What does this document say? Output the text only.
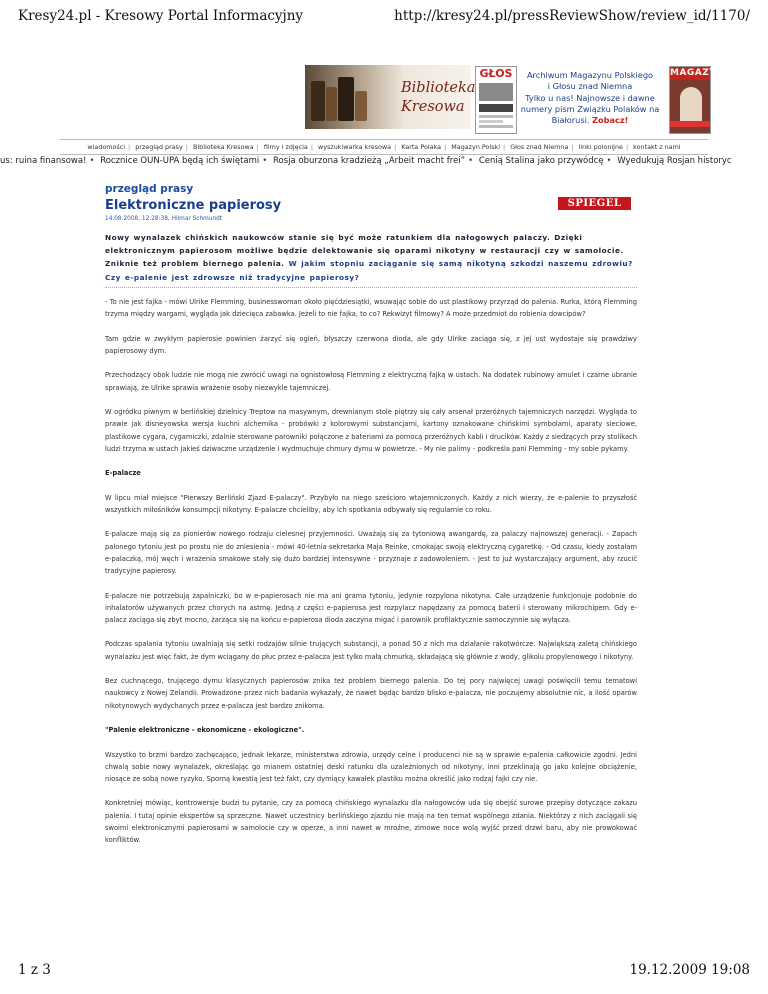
Kresy24.pl - Kresowy Portal Informacyjny	http://kresy24.pl/pressReviewShow/review_id/1170/
Biblioteka
Kresowa
GŁOS	Archiwum Magazynu Polskiego
i Głosu znad Niemna
Tylko u nas! Najnowsze i dawne
numery pism Związku Polaków na
Białorusi. Zobacz!
MAGAZYN
wiadomości | przegląd prasy | Biblioteka Kresowa | filmy i zdjęcia | wyszukiwarka kresowa | Karta Polaka | Magazyn Polski | Głos znad Niemna | linki polonijne | kontakt z nami
us: ruina finansowa! • Rocznice OUN-UPA będą ich świętami • Rosja oburzona kradzieżą „Arbeit macht frei” • Cenią Stalina jako przywódcę • Wyedukują Rosjan historyc
przegląd prasy
Elektroniczne papierosy
14.08.2008, 12:28:38, Hilmar Schmundt
SPIEGEL
Nowy wynalazek chińskich naukowców stanie się być może ratunkiem dla nałogowych palaczy. Dzięki elektronicznym papierosom możliwe będzie delektowanie się oparami nikotyny w restauracji czy w samolocie. Zniknie też problem biernego palenia. W jakim stopniu zaciąganie się samą nikotyną szkodzi naszemu zdrowiu? Czy e-palenie jest zdrowsze niż tradycyjne papierosy?

- To nie jest fajka - mówi Ulrike Flemming, businesswoman około pięćdziesiątki, wsuwając sobie do ust plastikowy przyrząd do palenia. Rurka, którą Flemming trzyma między wargami, wygląda jak dziecięca zabawka. Jeżeli to nie fajka, to co? Rekwizyt filmowy? A może przedmiot do robienia dowcipów?

Tam gdzie w zwykłym papierosie powinien żarzyć się ogień, błyszczy czerwona dioda, ale gdy Ulrike zaciąga się, z jej ust wydostaje się prawdziwy papierosowy dym.

Przechodzący obok ludzie nie mogą nie zwrócić uwagi na ognistowłosą Flemming z elektryczną fajką w ustach. Na dodatek rubinowy amulet i czarne ubranie sprawiają, że Ulrike sprawia wrażenie osoby niezwykle tajemniczej.

W ogródku piwnym w berlińskiej dzielnicy Treptow na masywnym, drewnianym stole piętrzy się cały arsenał przeróżnych tajemniczych narzędzi. Wygląda to prawie jak disneyowska wersja kuchni alchemika - probówki z kolorowymi substancjami, kartony oznakowane chińskimi symbolami, aparaty sieciowe, plastikowe cygara, cygamiczki, zdalnie sterowane parowniki połączone z bateriami za pomocą przeróżnych kabli i drucików. Każdy z siedzących przy stolikach ludzi trzyma w ustach jakieś dziwaczne urządzenie i wydmuchuje chmury dymu w powietrze. - My nie palimy - podkreśla pani Flemming - my sobie pykamy.

E-palacze

W lipcu miał miejsce "Pierwszy Berliński Zjazd E-palaczy". Przybyło na niego sześcioro wtajemniczonych. Każdy z nich wierzy, że e-palenie to przyszłość wszystkich miłośników konsumpcji nikotyny. E-palacze chcieliby, aby ich spotkania odbywały się regularnie co roku.

E-palacze mają się za pionierów nowego rodzaju cielesnej przyjemności. Uważają się za tytoniową awangardę, za palaczy najnowszej generacji. - Zapach palonego tytoniu jest po prostu nie do zniesienia - mówi 40-letnia sekretarka Maja Reinke, cmokając swoją elektryczną cygaretkę. - Od czasu, kiedy zostałam e-palaczką, mój węch i wrażenia smakowe stały się dużo bardziej intensywne - przyznaje z zadowoleniem. - Jest to już wystarczający argument, aby rzucić tradycyjne papierosy.

E-palacze nie potrzebują zapalniczki, bo w e-papierosach nie ma ani grama tytoniu, jedynie rozpylona nikotyna. Całe urządzenie funkcjonuje podobnie do inhalatorów używanych przez chorych na astmę. Jedną z części e-papierosa jest rozpylacz napędzany za pomocą baterii i sterowany mikrochipem. Gdy e-palacz zaciąga się zbyt mocno, żarząca się na końcu e-papierosa dioda zaczyna migać i parownik profilaktycznie samoczynnie się wyłącza.

Podczas spalania tytoniu uwalniają się setki rodzajów silnie trujących substancji, a ponad 50 z nich ma działanie rakotwórcze. Największą zaletą chińskiego wynalazku jest więc fakt, że dym wciągany do płuc przez e-palacza jest tylko małą chmurką, składającą się głównie z wody, glikolu propylenowego i nikotyny.

Bez cuchnącego, trującego dymu klasycznych papierosów znika też problem biernego palenia. Do tej pory najwięcej uwagi poświęcili temu tematowi naukowcy z Nowej Zelandii. Prowadzone przez nich badania wykazały, że nawet będąc bardzo blisko e-palacza, nie poczujemy absolutnie nic, a ilość oparów nikotynowych wydychanych przez e-palacza jest bardzo znikoma.

"Palenie elektroniczne - ekonomiczne - ekologiczne".

Wszystko to brzmi bardzo zachęcająco, jednak lekarze, ministerstwa zdrowia, urzędy celne i producenci nie są w sprawie e-palenia całkowicie zgodni. Jedni chwalą sobie nowy wynalazek, określając go mianem ostatniej deski ratunku dla uzależnionych od nikotyny, inni przeklinają go jako kolejne obciążenie, niosące ze sobą nowe ryzyko. Sporną kwestią jest też fakt, czy dymiący kawałek plastiku można określić jako rodzaj fajki czy nie.

Konkretniej mówiąc, kontrowersje budzi tu pytanie, czy za pomocą chińskiego wynalazku dla nałogowców uda się obejść surowe przepisy dotyczące zakazu palenia. I tutaj opinie ekspertów są sprzeczne. Nawet uczestnicy berlińskiego zjazdu nie mają na ten temat wspólnego zdania. Niektórzy z nich zaciągali się swoimi elektronicznymi papierosami w samolocie czy w operze, a inni nawet w mroźne, zimowe noce wolą wyjść przed drzwi baru, aby nie prowokować konfliktów.

1 z 3	19.12.2009 19:08
